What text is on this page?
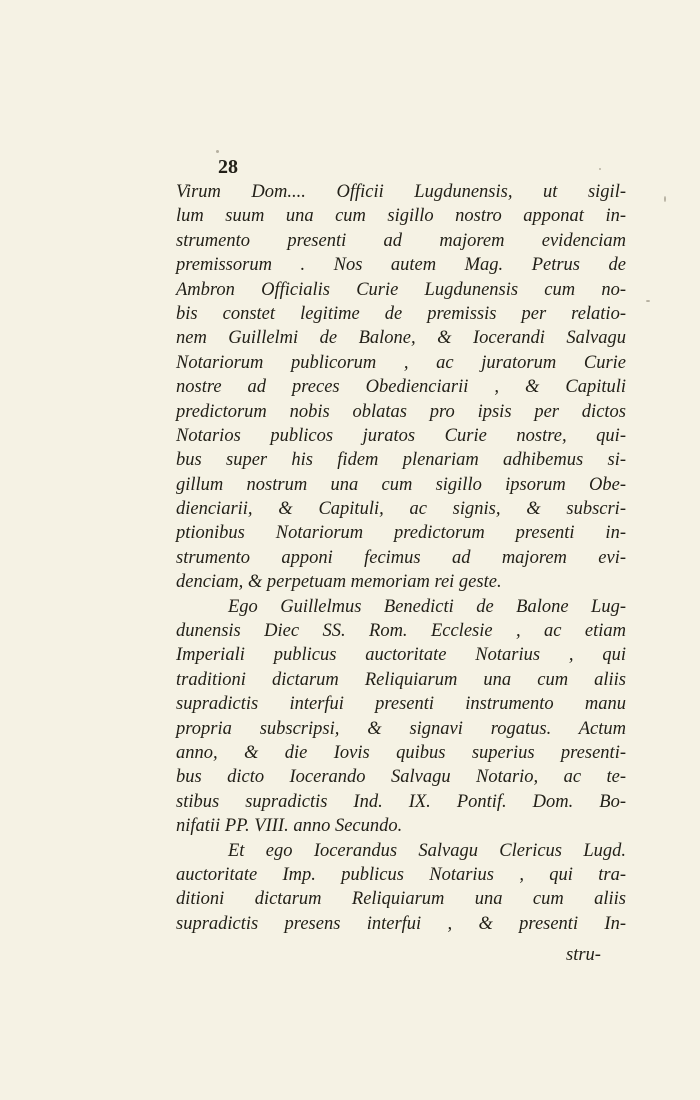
28
Virum Dom.... Officii Lugdunensis, ut sigil-
lum suum una cum sigillo nostro apponat in-
strumento presenti ad majorem evidenciam
premissorum . Nos autem Mag. Petrus de
Ambron Officialis Curie Lugdunensis cum no-
bis constet legitime de premissis per relatio-
nem Guillelmi de Balone, & Iocerandi Salvagu
Notariorum publicorum , ac juratorum Curie
nostre ad preces Obedienciarii , & Capituli
predictorum nobis oblatas pro ipsis per dictos
Notarios publicos juratos Curie nostre, qui-
bus super his fidem plenariam adhibemus si-
gillum nostrum una cum sigillo ipsorum Obe-
dienciarii, & Capituli, ac signis, & subscri-
ptionibus Notariorum predictorum presenti in-
strumento apponi fecimus ad majorem evi-
denciam, & perpetuam memoriam rei geste.
Ego Guillelmus Benedicti de Balone Lug-
dunensis Diec SS. Rom. Ecclesie , ac etiam
Imperiali publicus auctoritate Notarius , qui
traditioni dictarum Reliquiarum una cum aliis
supradictis interfui presenti instrumento manu
propria subscripsi, & signavi rogatus. Actum
anno, & die Iovis quibus superius presenti-
bus dicto Iocerando Salvagu Notario, ac te-
stibus supradictis Ind. IX. Pontif. Dom. Bo-
nifatii PP. VIII. anno Secundo.
Et ego Iocerandus Salvagu Clericus Lugd.
auctoritate Imp. publicus Notarius , qui tra-
ditioni dictarum Reliquiarum una cum aliis
supradictis presens interfui , & presenti In-
stru-
